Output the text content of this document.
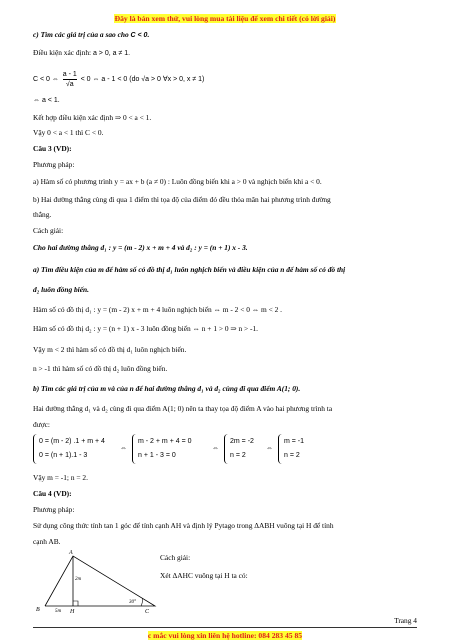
Đây là bản xem thử, vui lòng mua tài liệu để xem chi tiết (có lời giải)
c) Tìm các giá trị của a sao cho C < 0.
Điều kiện xác định: a > 0, a ≠ 1.
C < 0 ⇔ $\frac{a - 1}{√a} < 0$ ⇔ a - 1 < 0 (do √a > 0 ∀x > 0, x ≠ 1)
⇔ a < 1.
Kết hợp điều kiện xác định ⇒ 0 < a < 1.
Vậy 0 < a < 1 thì C < 0.
Câu 3 (VD):
Phương pháp:
a) Hàm số có phương trình y = ax + b (a ≠ 0) : Luôn đồng biến khi a > 0 và nghịch biến khi a < 0.
b) Hai đường thẳng cùng đi qua 1 điểm thì tọa độ của điểm đó đều thỏa mãn hai phương trình đường
thẳng.
Cách giải:
Cho hai đường thẳng d₁ : y = (m - 2) x + m + 4 và d₂ : y = (n + 1) x - 3.
a) Tìm điều kiện của m để hàm số có đồ thị d₁ luôn nghịch biến và điều kiện của n để hàm số có đồ thị
d₂ luôn đồng biến.
Hàm số có đồ thị d₁ : y = (m - 2) x + m + 4 luôn nghịch biến ⇔ m - 2 < 0 ⇔ m < 2 .
Hàm số có đồ thị d₂ : y = (n + 1) x - 3 luôn đồng biến ⇔ n + 1 > 0 ⇒ n > -1.
Vậy m < 2 thì hàm số có đồ thị d₁ luôn nghịch biến.
n > -1 thì hàm số có đồ thị d₂ luôn đồng biến.
b) Tìm các giá trị của m và của n để hai đường thẳng d₁ và d₂ cùng đi qua điểm A(1; 0).
Hai đường thẳng d₁ và d₂ cùng đi qua điểm A(1; 0) nên ta thay tọa độ điểm A vào hai phương trình ta
được:
0 = (m - 2) .1 + m + 4
0 = (n + 1).1 - 3
⇔
m - 2 + m + 4 = 0
n + 1 - 3 = 0
⇔
2m = -2
n = 2
⇔
m = -1
n = 2
Vậy m = -1; n = 2.
Câu 4 (VD):
Phương pháp:
Sử dụng công thức tính tan 1 góc để tính cạnh AH và định lý Pytago trong ΔABH vuông tại H để tính
cạnh AB.
Cách giải:
Xét ΔAHC vuông tại H ta có:
A
B	H	C
2m
5m
30°
Trang 4
c mắc vui lòng xin liên hệ hotline: 084 283 45 85
